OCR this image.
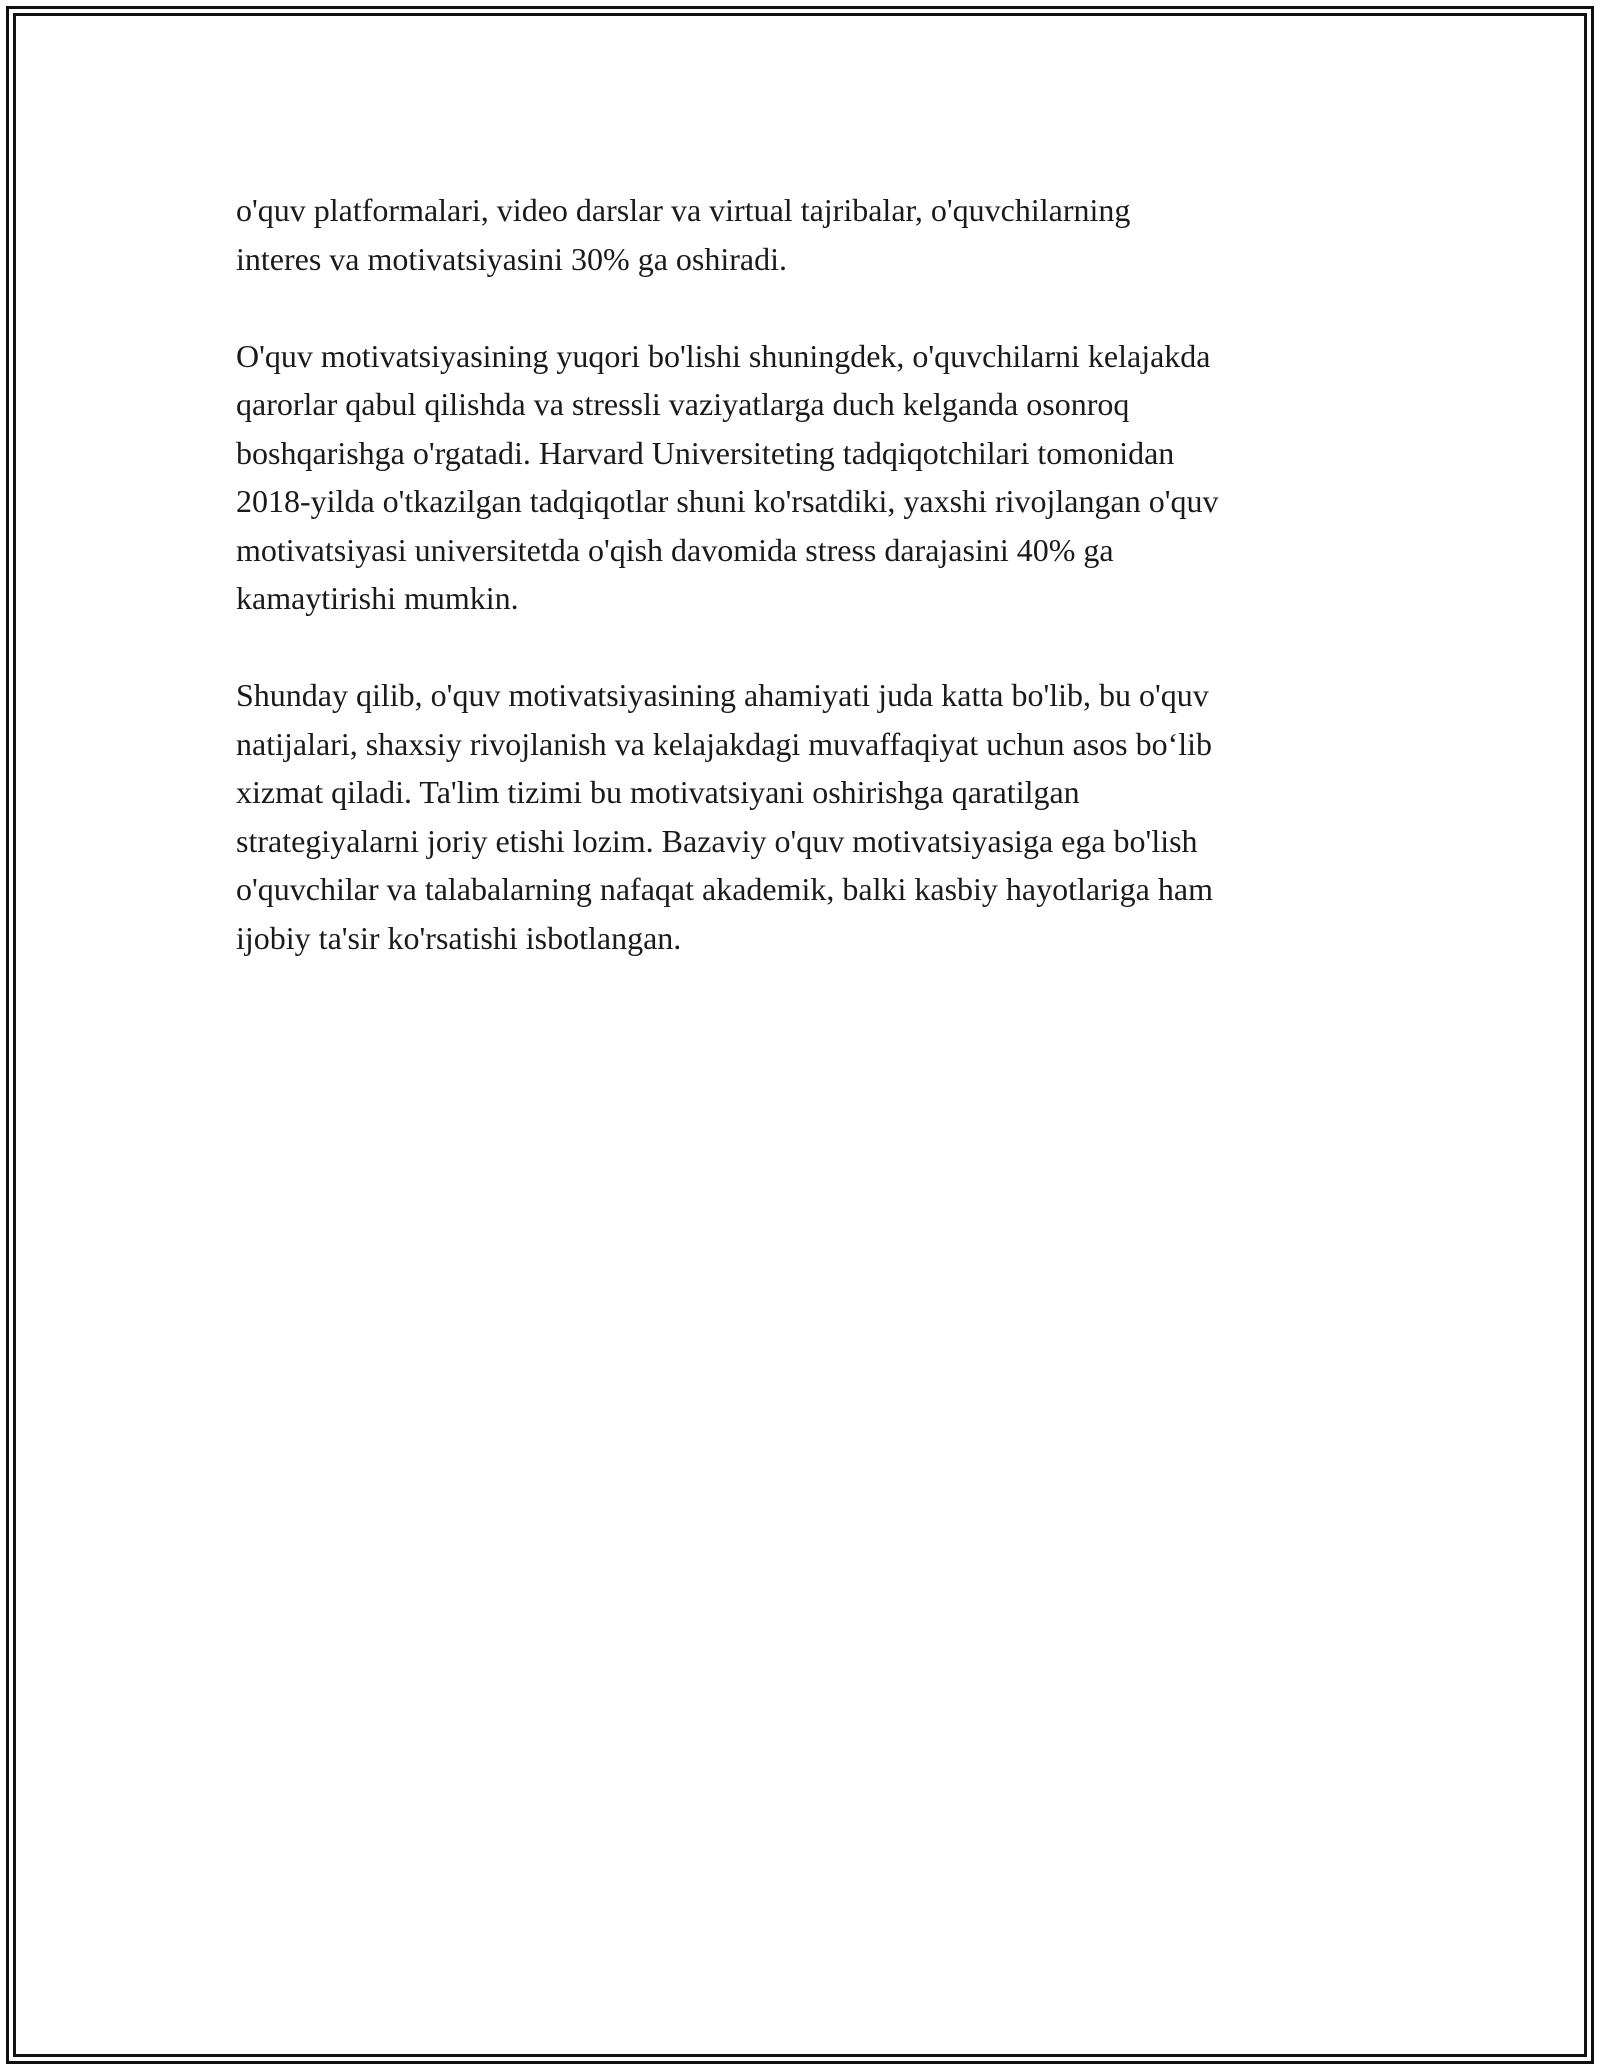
o'quv platformalari, video darslar va virtual tajribalar, o'quvchilarning
interes va motivatsiyasini 30% ga oshiradi.

O'quv motivatsiyasining yuqori bo'lishi shuningdek, o'quvchilarni kelajakda
qarorlar qabul qilishda va stressli vaziyatlarga duch kelganda osonroq
boshqarishga o'rgatadi. Harvard Universiteting tadqiqotchilari tomonidan
2018-yilda o'tkazilgan tadqiqotlar shuni ko'rsatdiki, yaxshi rivojlangan o'quv
motivatsiyasi universitetda o'qish davomida stress darajasini 40% ga
kamaytirishi mumkin.

Shunday qilib, o'quv motivatsiyasining ahamiyati juda katta bo'lib, bu o'quv
natijalari, shaxsiy rivojlanish va kelajakdagi muvaffaqiyat uchun asos bo‘lib
xizmat qiladi. Ta'lim tizimi bu motivatsiyani oshirishga qaratilgan
strategiyalarni joriy etishi lozim. Bazaviy o'quv motivatsiyasiga ega bo'lish
o'quvchilar va talabalarning nafaqat akademik, balki kasbiy hayotlariga ham
ijobiy ta'sir ko'rsatishi isbotlangan.
